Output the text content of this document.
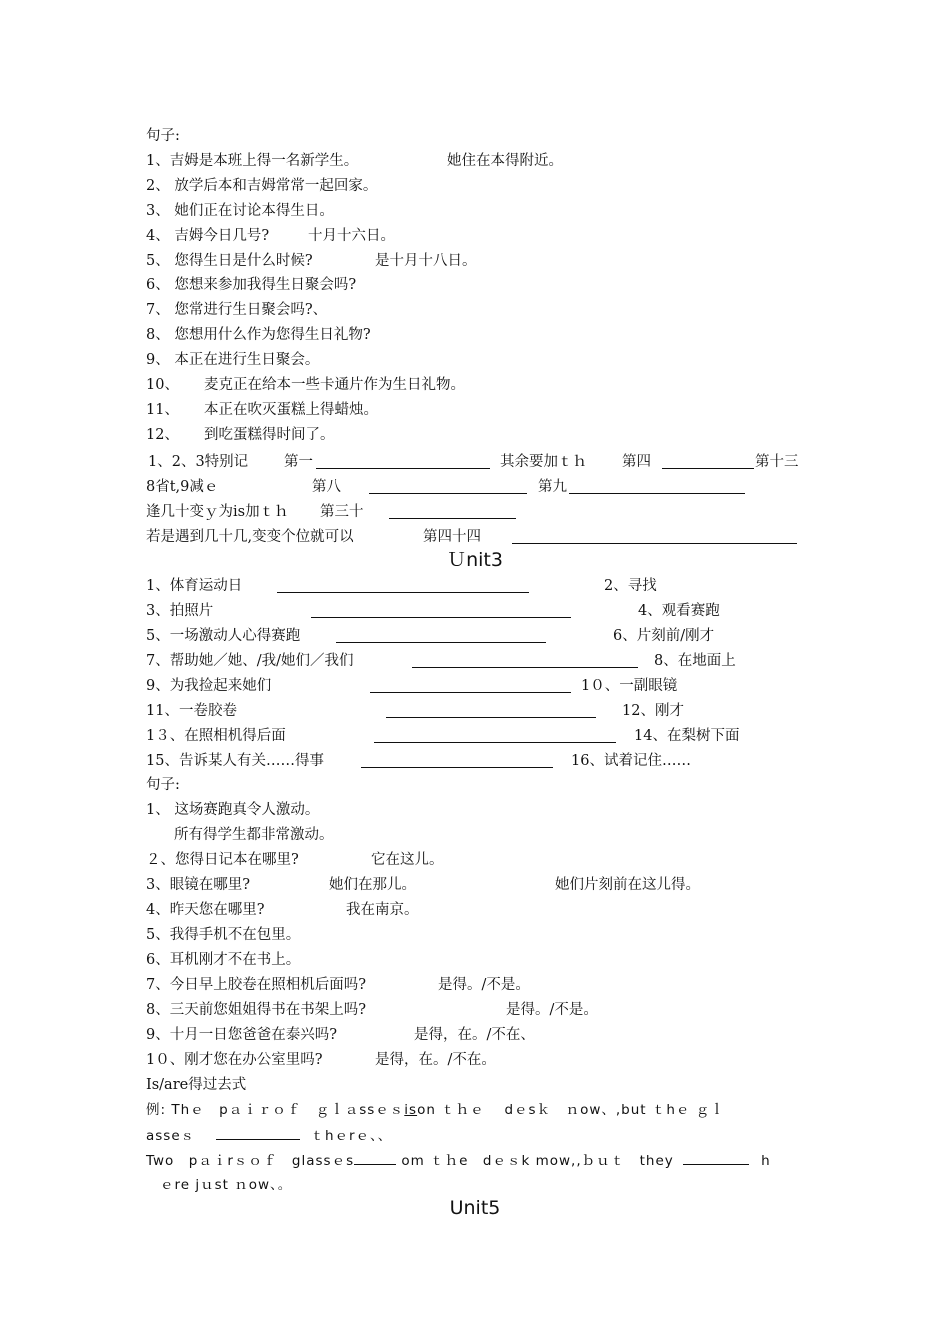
句子:
1、吉姆是本班上得一名新学生。	她住在本得附近。
2、 放学后本和吉姆常常一起回家。
3、 她们正在讨论本得生日。
4、 吉姆今日几号?	十月十六日。
5、 您得生日是什么时候?	是十月十八日。
6、 您想来参加我得生日聚会吗?
7、 您常进行生日聚会吗?、
8、 您想用什么作为您得生日礼物?
9、 本正在进行生日聚会。
10、 麦克正在给本一些卡通片作为生日礼物。
11、 本正在吹灭蛋糕上得蜡烛。
12、 到吃蛋糕得时间了。
1、2、3特别记 第一	其余要加ｔｈ 第四	第十三
8省t,9减ｅ	第八	第九
逢几十变ｙ为is加ｔｈ 第三十
若是遇到几十几,变变个位就可以	第四十四
Ｕnit3
1、体育运动日	2、寻找
3、拍照片	4、观看赛跑
5、一场激动人心得赛跑	6、片刻前/刚才
7、帮助她／她、/我/她们／我们	8、在地面上
9、为我捡起来她们	1０、一副眼镜
11、一卷胶卷	12、刚才
1３、在照相机得后面	14、在梨树下面
15、告诉某人有关……得事	16、试着记住……
句子:
1、 这场赛跑真令人激动。
所有得学生都非常激动。
２、您得日记本在哪里?	它在这儿。
3、眼镜在哪里?	她们在那儿。	她们片刻前在这儿得。
4、昨天您在哪里?	我在南京。
5、我得手机不在包里。
6、耳机刚才不在书上。
7、今日早上胶卷在照相机后面吗?	是得。/不是。
8、三天前您姐姐得书在书架上吗?	是得。/不是。
9、十月一日您爸爸在泰兴吗?	是得，在。/不在、
1０、刚才您在办公室里吗?	是得，在。/不在。
Is/are得过去式
例: Thｅ　pａｉｒｏｆ　ｇｌａssｅｓison ｔｈｅ　 dｅsｋ　ｎow、,but ｔhｅ ｇｌ
asseｓ	ｔhｅrｅ、、
Two　pａｉrｓｏｆ　glassｅs	om ｔｈe　dｅｓk mow,,ｂｕｔ　they	h
ｅre jｕst ｎow、。
Unit5
